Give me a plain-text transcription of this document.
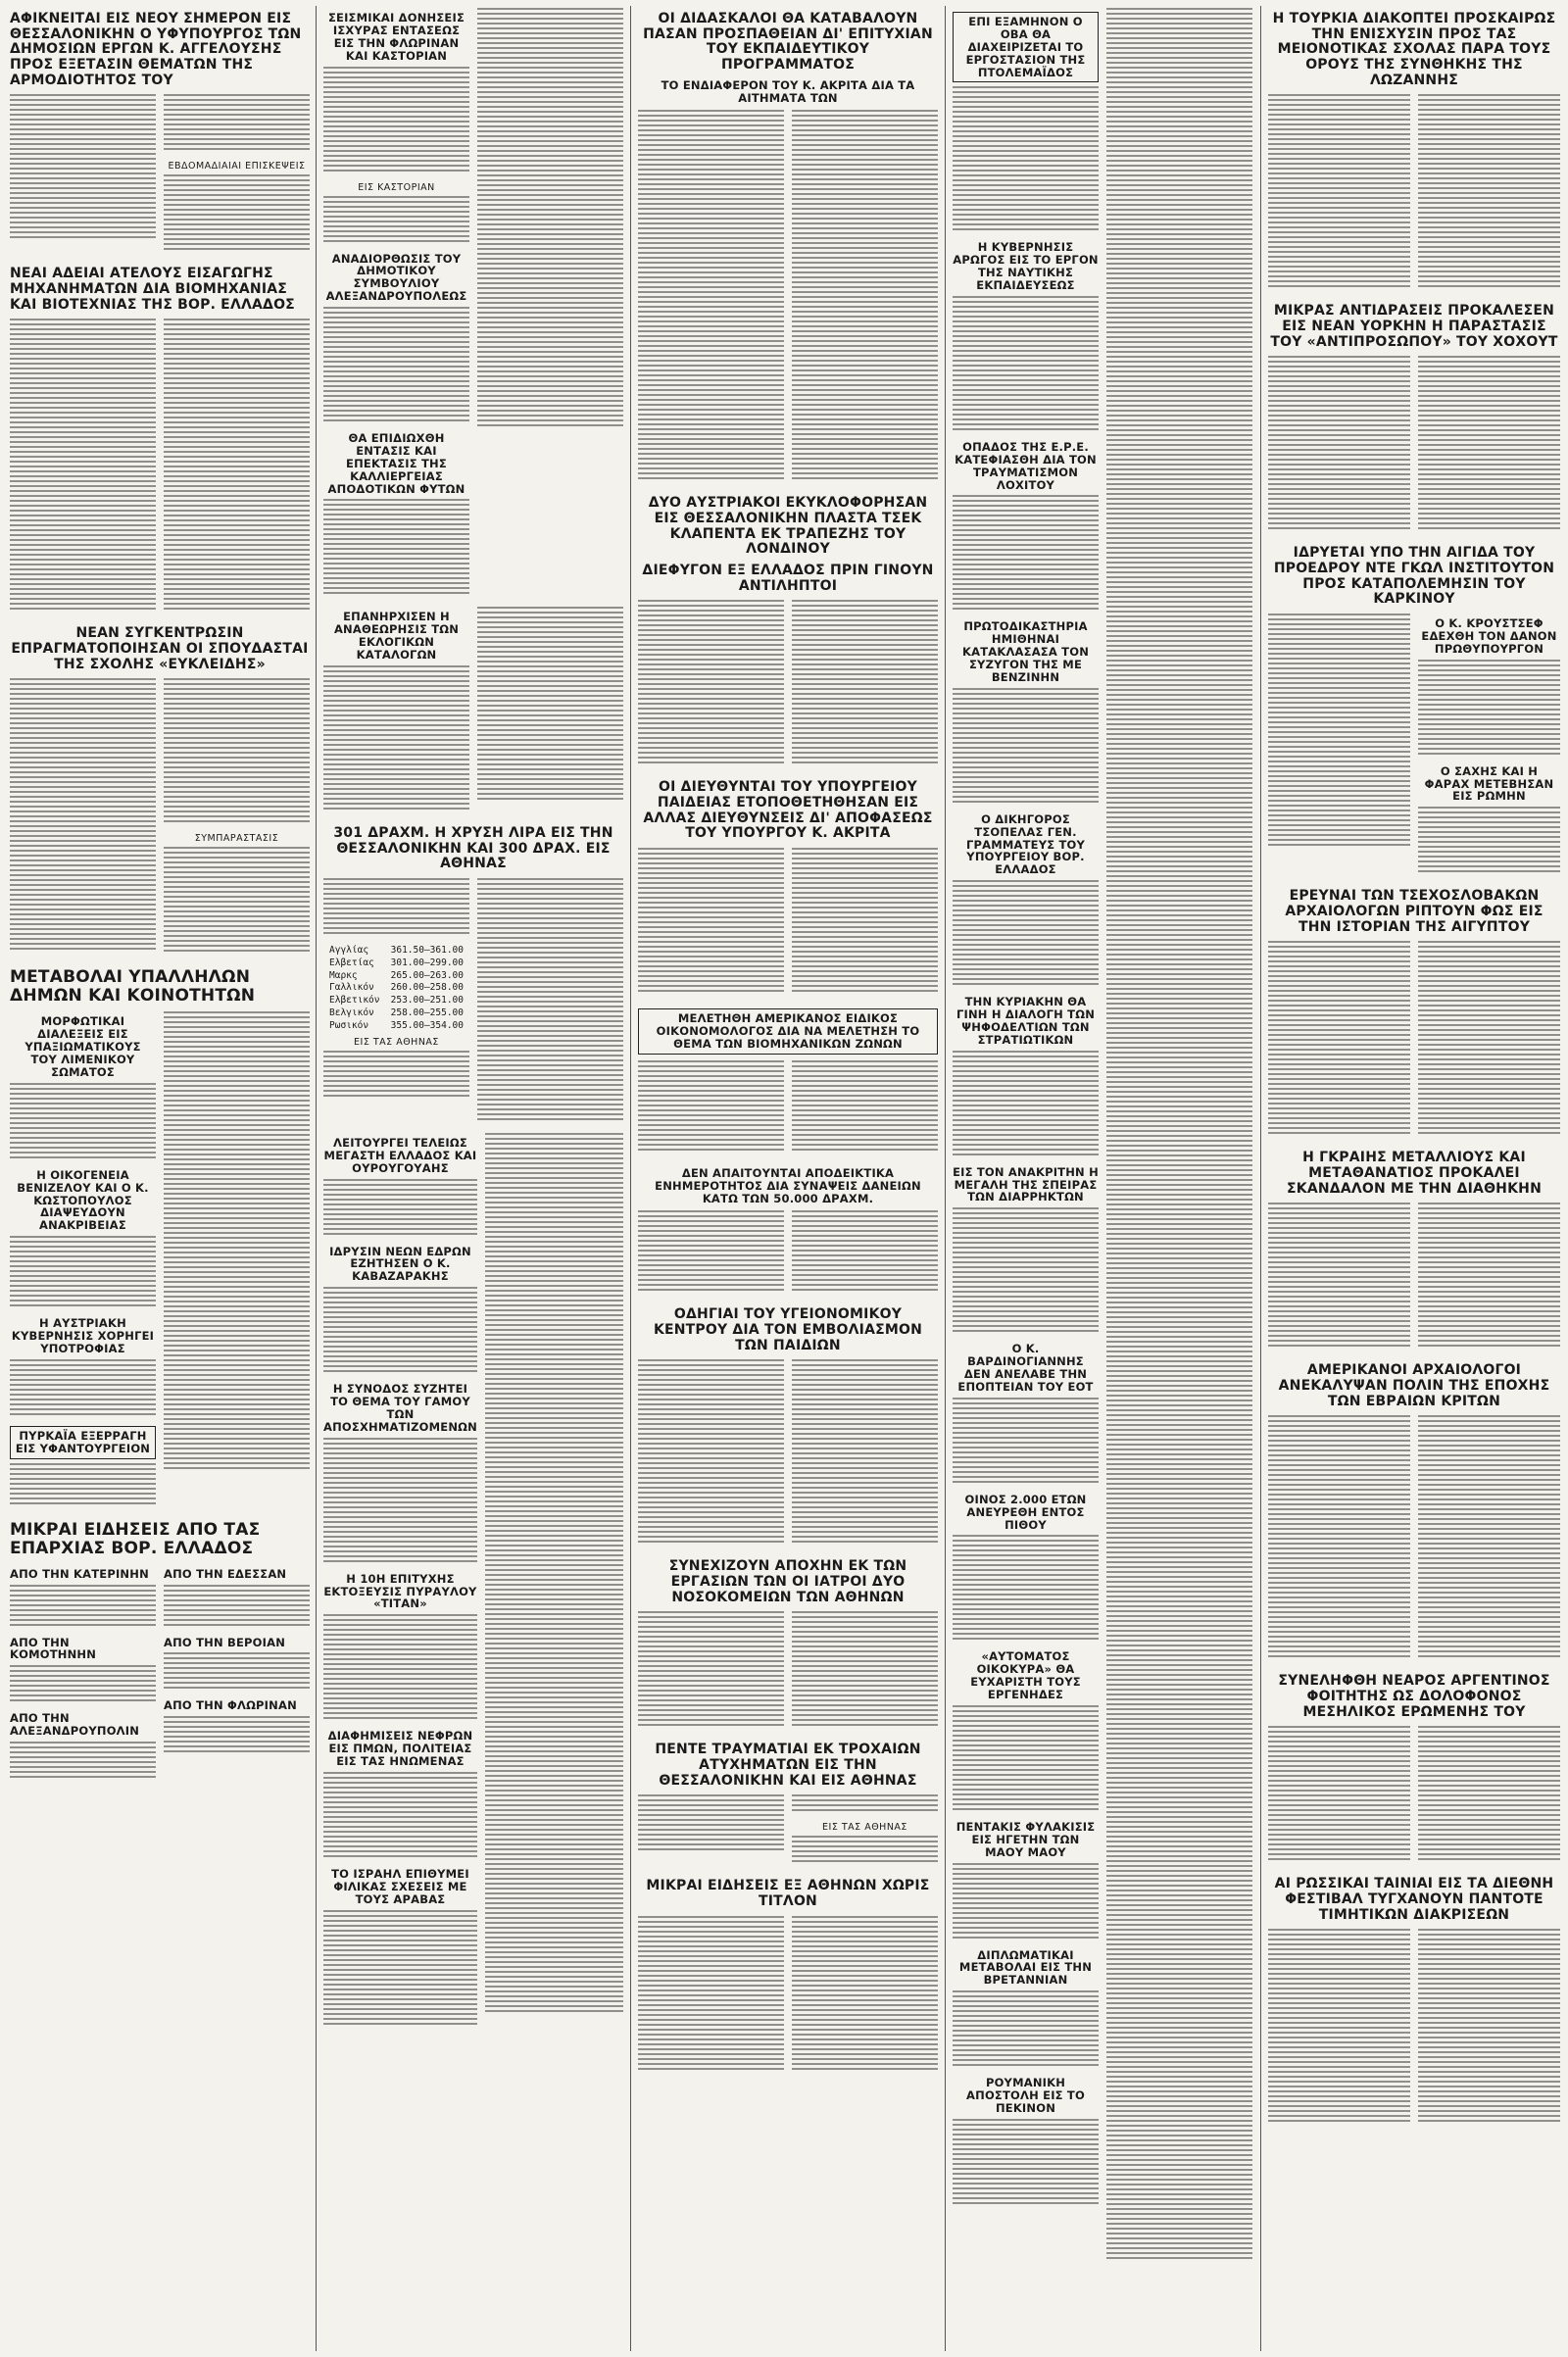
ΑΦΙΚΝΕΙΤΑΙ ΕΙΣ ΝΕΟΥ ΣΗΜΕΡΟΝ ΕΙΣ ΘΕΣΣΑΛΟΝΙΚΗΝ Ο ΥΦΥΠΟΥΡΓΟΣ ΤΩΝ ΔΗΜΟΣΙΩΝ ΕΡΓΩΝ Κ. ΑΓΓΕΛΟΥΣΗΣ ΠΡΟΣ ΕΞΕΤΑΣΙΝ ΘΕΜΑΤΩΝ ΤΗΣ ΑΡΜΟΔΙΟΤΗΤΟΣ ΤΟΥ
ΕΒΔΟΜΑΔΙΑΙΑΙ ΕΠΙΣΚΕΨΕΙΣ
ΝΕΑΙ ΑΔΕΙΑΙ ΑΤΕΛΟΥΣ ΕΙΣΑΓΩΓΗΣ ΜΗΧΑΝΗΜΑΤΩΝ ΔΙΑ ΒΙΟΜΗΧΑΝΙΑΣ ΚΑΙ ΒΙΟΤΕΧΝΙΑΣ ΤΗΣ ΒΟΡ. ΕΛΛΑΔΟΣ
ΝΕΑΝ ΣΥΓΚΕΝΤΡΩΣΙΝ ΕΠΡΑΓΜΑΤΟΠΟΙΗΣΑΝ ΟΙ ΣΠΟΥΔΑΣΤΑΙ ΤΗΣ ΣΧΟΛΗΣ «ΕΥΚΛΕΙΔΗΣ»
ΣΥΜΠΑΡΑΣΤΑΣΙΣ
ΜΕΤΑΒΟΛΑΙ ΥΠΑΛΛΗΛΩΝ ΔΗΜΩΝ ΚΑΙ ΚΟΙΝΟΤΗΤΩΝ
ΜΟΡΦΩΤΙΚΑΙ ΔΙΑΛΕΞΕΙΣ ΕΙΣ ΥΠΑΞΙΩΜΑΤΙΚΟΥΣ ΤΟΥ ΛΙΜΕΝΙΚΟΥ ΣΩΜΑΤΟΣ
Η ΟΙΚΟΓΕΝΕΙΑ ΒΕΝΙΖΕΛΟΥ ΚΑΙ Ο Κ. ΚΩΣΤΟΠΟΥΛΟΣ ΔΙΑΨΕΥΔΟΥΝ ΑΝΑΚΡΙΒΕΙΑΣ
Η ΑΥΣΤΡΙΑΚΗ ΚΥΒΕΡΝΗΣΙΣ ΧΟΡΗΓΕΙ ΥΠΟΤΡΟΦΙΑΣ
ΠΥΡΚΑΪΑ ΕΞΕΡΡΑΓΗ ΕΙΣ ΥΦΑΝΤΟΥΡΓΕΙΟΝ
ΜΙΚΡΑΙ ΕΙΔΗΣΕΙΣ ΑΠΟ ΤΑΣ ΕΠΑΡΧΙΑΣ ΒΟΡ. ΕΛΛΑΔΟΣ
ΑΠΟ ΤΗΝ ΚΑΤΕΡΙΝΗΝ
ΑΠΟ ΤΗΝ ΚΟΜΟΤΗΝΗΝ
ΑΠΟ ΤΗΝ ΑΛΕΞΑΝΔΡΟΥΠΟΛΙΝ
ΑΠΟ ΤΗΝ ΕΔΕΣΣΑΝ
ΑΠΟ ΤΗΝ ΒΕΡΟΙΑΝ
ΑΠΟ ΤΗΝ ΦΛΩΡΙΝΑΝ
ΣΕΙΣΜΙΚΑΙ ΔΟΝΗΣΕΙΣ ΙΣΧΥΡΑΣ ΕΝΤΑΣΕΩΣ ΕΙΣ ΤΗΝ ΦΛΩΡΙΝΑΝ ΚΑΙ ΚΑΣΤΟΡΙΑΝ
ΕΙΣ ΚΑΣΤΟΡΙΑΝ
ΑΝΑΔΙΟΡΘΩΣΙΣ ΤΟΥ ΔΗΜΟΤΙΚΟΥ ΣΥΜΒΟΥΛΙΟΥ ΑΛΕΞΑΝΔΡΟΥΠΟΛΕΩΣ
ΘΑ ΕΠΙΔΙΩΧΘΗ ΕΝΤΑΣΙΣ ΚΑΙ ΕΠΕΚΤΑΣΙΣ ΤΗΣ ΚΑΛΛΙΕΡΓΕΙΑΣ ΑΠΟΔΟΤΙΚΩΝ ΦΥΤΩΝ
ΕΠΑΝΗΡΧΙΣΕΝ Η ΑΝΑΘΕΩΡΗΣΙΣ ΤΩΝ ΕΚΛΟΓΙΚΩΝ ΚΑΤΑΛΟΓΩΝ
301 ΔΡΑΧΜ. Η ΧΡΥΣΗ ΛΙΡΑ ΕΙΣ ΤΗΝ ΘΕΣΣΑΛΟΝΙΚΗΝ ΚΑΙ 300 ΔΡΑΧ. ΕΙΣ ΑΘΗΝΑΣ
Αγγλίας 361.50—361.00
Ελβετίας 301.00—299.00
Μαρκς	265.00—263.00
Γαλλικόν 260.00—258.00
Ελβετικόν 253.00—251.00
Βελγικόν 258.00—255.00
Ρωσικόν 355.00—354.00
ΕΙΣ ΤΑΣ ΑΘΗΝΑΣ
ΛΕΙΤΟΥΡΓΕΙ ΤΕΛΕΙΩΣ ΜΕΓΑΣΤΗ ΕΛΛΑΔΟΣ ΚΑΙ ΟΥΡΟΥΓΟΥΑΗΣ
ΙΔΡΥΣΙΝ ΝΕΩΝ ΕΔΡΩΝ ΕΖΗΤΗΣΕΝ Ο Κ. ΚΑΒΑΖΑΡΑΚΗΣ
Η ΣΥΝΟΔΟΣ ΣΥΖΗΤΕΙ ΤΟ ΘΕΜΑ ΤΟΥ ΓΑΜΟΥ ΤΩΝ ΑΠΟΣΧΗΜΑΤΙΖΟΜΕΝΩΝ
Η 10Η ΕΠΙΤΥΧΗΣ ΕΚΤΟΞΕΥΣΙΣ ΠΥΡΑΥΛΟΥ «ΤΙΤΑΝ»
ΔΙΑΦΗΜΙΣΕΙΣ ΝΕΦΡΩΝ ΕΙΣ ΠΜΩΝ, ΠΟΛΙΤΕΙΑΣ ΕΙΣ ΤΑΣ ΗΝΩΜΕΝΑΣ
ΤΟ ΙΣΡΑΗΛ ΕΠΙΘΥΜΕΙ ΦΙΛΙΚΑΣ ΣΧΕΣΕΙΣ ΜΕ ΤΟΥΣ ΑΡΑΒΑΣ
ΟΙ ΔΙΔΑΣΚΑΛΟΙ ΘΑ ΚΑΤΑΒΑΛΟΥΝ ΠΑΣΑΝ ΠΡΟΣΠΑΘΕΙΑΝ ΔΙ' ΕΠΙΤΥΧΙΑΝ ΤΟΥ ΕΚΠΑΙΔΕΥΤΙΚΟΥ ΠΡΟΓΡΑΜΜΑΤΟΣ
ΤΟ ΕΝΔΙΑΦΕΡΟΝ ΤΟΥ Κ. ΑΚΡΙΤΑ ΔΙΑ ΤΑ ΑΙΤΗΜΑΤΑ ΤΩΝ
ΔΥΟ ΑΥΣΤΡΙΑΚΟΙ ΕΚΥΚΛΟΦΟΡΗΣΑΝ ΕΙΣ ΘΕΣΣΑΛΟΝΙΚΗΝ ΠΛΑΣΤΑ ΤΣΕΚ ΚΛΑΠΕΝΤΑ ΕΚ ΤΡΑΠΕΖΗΣ ΤΟΥ ΛΟΝΔΙΝΟΥ
ΔΙΕΦΥΓΟΝ ΕΞ ΕΛΛΑΔΟΣ ΠΡΙΝ ΓΙΝΟΥΝ ΑΝΤΙΛΗΠΤΟΙ
ΟΙ ΔΙΕΥΘΥΝΤΑΙ ΤΟΥ ΥΠΟΥΡΓΕΙΟΥ ΠΑΙΔΕΙΑΣ ΕΤΟΠΟΘΕΤΗΘΗΣΑΝ ΕΙΣ ΑΛΛΑΣ ΔΙΕΥΘΥΝΣΕΙΣ ΔΙ' ΑΠΟΦΑΣΕΩΣ ΤΟΥ ΥΠΟΥΡΓΟΥ Κ. ΑΚΡΙΤΑ
ΜΕΛΕΤΗΘΗ ΑΜΕΡΙΚΑΝΟΣ ΕΙΔΙΚΟΣ ΟΙΚΟΝΟΜΟΛΟΓΟΣ ΔΙΑ ΝΑ ΜΕΛΕΤΗΣΗ ΤΟ ΘΕΜΑ ΤΩΝ ΒΙΟΜΗΧΑΝΙΚΩΝ ΖΩΝΩΝ
ΔΕΝ ΑΠΑΙΤΟΥΝΤΑΙ ΑΠΟΔΕΙΚΤΙΚΑ ΕΝΗΜΕΡΟΤΗΤΟΣ ΔΙΑ ΣΥΝΑΨΕΙΣ ΔΑΝΕΙΩΝ ΚΑΤΩ ΤΩΝ 50.000 ΔΡΑΧΜ.
ΟΔΗΓΙΑΙ ΤΟΥ ΥΓΕΙΟΝΟΜΙΚΟΥ ΚΕΝΤΡΟΥ ΔΙΑ ΤΟΝ ΕΜΒΟΛΙΑΣΜΟΝ ΤΩΝ ΠΑΙΔΙΩΝ
ΣΥΝΕΧΙΖΟΥΝ ΑΠΟΧΗΝ ΕΚ ΤΩΝ ΕΡΓΑΣΙΩΝ ΤΩΝ ΟΙ ΙΑΤΡΟΙ ΔΥΟ ΝΟΣΟΚΟΜΕΙΩΝ ΤΩΝ ΑΘΗΝΩΝ
ΠΕΝΤΕ ΤΡΑΥΜΑΤΙΑΙ ΕΚ ΤΡΟΧΑΙΩΝ ΑΤΥΧΗΜΑΤΩΝ ΕΙΣ ΤΗΝ ΘΕΣΣΑΛΟΝΙΚΗΝ ΚΑΙ ΕΙΣ ΑΘΗΝΑΣ
ΕΙΣ ΤΑΣ ΑΘΗΝΑΣ
ΜΙΚΡΑΙ ΕΙΔΗΣΕΙΣ ΕΞ ΑΘΗΝΩΝ ΧΩΡΙΣ ΤΙΤΛΟΝ
ΕΠΙ ΕΞΑΜΗΝΟΝ Ο ΟΒΑ ΘΑ ΔΙΑΧΕΙΡΙΖΕΤΑΙ ΤΟ ΕΡΓΟΣΤΑΣΙΟΝ ΤΗΣ ΠΤΟΛΕΜΑΪΔΟΣ
Η ΚΥΒΕΡΝΗΣΙΣ ΑΡΩΓΟΣ ΕΙΣ ΤΟ ΕΡΓΟΝ ΤΗΣ ΝΑΥΤΙΚΗΣ ΕΚΠΑΙΔΕΥΣΕΩΣ
ΟΠΑΔΟΣ ΤΗΣ Ε.Ρ.Ε. ΚΑΤΕΦΙΑΣΘΗ ΔΙΑ ΤΟΝ ΤΡΑΥΜΑΤΙΣΜΟΝ ΛΟΧΙΤΟΥ
ΠΡΩΤΟΔΙΚΑΣΤΗΡΙΑ ΗΜΙΘΗΝΑΙ ΚΑΤΑΚΛΑΣΑΣΑ ΤΟΝ ΣΥΖΥΓΟΝ ΤΗΣ ΜΕ ΒΕΝΖΙΝΗΝ
Ο ΔΙΚΗΓΟΡΟΣ ΤΣΟΠΕΛΑΣ ΓΕΝ. ΓΡΑΜΜΑΤΕΥΣ ΤΟΥ ΥΠΟΥΡΓΕΙΟΥ ΒΟΡ. ΕΛΛΑΔΟΣ
ΤΗΝ ΚΥΡΙΑΚΗΝ ΘΑ ΓΙΝΗ Η ΔΙΑΛΟΓΗ ΤΩΝ ΨΗΦΟΔΕΛΤΙΩΝ ΤΩΝ ΣΤΡΑΤΙΩΤΙΚΩΝ
ΕΙΣ ΤΟΝ ΑΝΑΚΡΙΤΗΝ Η ΜΕΓΑΛΗ ΤΗΣ ΣΠΕΙΡΑΣ ΤΩΝ ΔΙΑΡΡΗΚΤΩΝ
Ο Κ. ΒΑΡΔΙΝΟΓΙΑΝΝΗΣ ΔΕΝ ΑΝΕΛΑΒΕ ΤΗΝ ΕΠΟΠΤΕΙΑΝ ΤΟΥ ΕΟΤ
ΟΙΝΟΣ 2.000 ΕΤΩΝ ΑΝΕΥΡΕΘΗ ΕΝΤΟΣ ΠΙΘΟΥ
«ΑΥΤΟΜΑΤΟΣ ΟΙΚΟΚΥΡΑ» ΘΑ ΕΥΧΑΡΙΣΤΗ ΤΟΥΣ ΕΡΓΕΝΗΔΕΣ
ΠΕΝΤΑΚΙΣ ΦΥΛΑΚΙΣΙΣ ΕΙΣ ΗΓΕΤΗΝ ΤΩΝ ΜΑΟΥ ΜΑΟΥ
ΔΙΠΛΩΜΑΤΙΚΑΙ ΜΕΤΑΒΟΛΑΙ ΕΙΣ ΤΗΝ ΒΡΕΤΑΝΝΙΑΝ
ΡΟΥΜΑΝΙΚΗ ΑΠΟΣΤΟΛΗ ΕΙΣ ΤΟ ΠΕΚΙΝΟΝ
Η ΤΟΥΡΚΙΑ ΔΙΑΚΟΠΤΕΙ ΠΡΟΣΚΑΙΡΩΣ ΤΗΝ ΕΝΙΣΧΥΣΙΝ ΠΡΟΣ ΤΑΣ ΜΕΙΟΝΟΤΙΚΑΣ ΣΧΟΛΑΣ ΠΑΡΑ ΤΟΥΣ ΟΡΟΥΣ ΤΗΣ ΣΥΝΘΗΚΗΣ ΤΗΣ ΛΩΖΑΝΝΗΣ
ΜΙΚΡΑΣ ΑΝΤΙΔΡΑΣΕΙΣ ΠΡΟΚΑΛΕΣΕΝ ΕΙΣ ΝΕΑΝ ΥΟΡΚΗΝ Η ΠΑΡΑΣΤΑΣΙΣ ΤΟΥ «ΑΝΤΙΠΡΟΣΩΠΟΥ» ΤΟΥ ΧΟΧΟΥΤ
ΙΔΡΥΕΤΑΙ ΥΠΟ ΤΗΝ ΑΙΓΙΔΑ ΤΟΥ ΠΡΟΕΔΡΟΥ ΝΤΕ ΓΚΩΛ ΙΝΣΤΙΤΟΥΤΟΝ ΠΡΟΣ ΚΑΤΑΠΟΛΕΜΗΣΙΝ ΤΟΥ ΚΑΡΚΙΝΟΥ
Ο Κ. ΚΡΟΥΣΤΣΕΦ ΕΔΕΧΘΗ ΤΟΝ ΔΑΝΟΝ ΠΡΩΘΥΠΟΥΡΓΟΝ
Ο ΣΑΧΗΣ ΚΑΙ Η ΦΑΡΑΧ ΜΕΤΕΒΗΣΑΝ ΕΙΣ ΡΩΜΗΝ
ΕΡΕΥΝΑΙ ΤΩΝ ΤΣΕΧΟΣΛΟΒΑΚΩΝ ΑΡΧΑΙΟΛΟΓΩΝ ΡΙΠΤΟΥΝ ΦΩΣ ΕΙΣ ΤΗΝ ΙΣΤΟΡΙΑΝ ΤΗΣ ΑΙΓΥΠΤΟΥ
Η ΓΚΡΑΙΗΣ ΜΕΤΑΛΛΙΟΥΣ ΚΑΙ ΜΕΤΑΘΑΝΑΤΙΟΣ ΠΡΟΚΑΛΕΙ ΣΚΑΝΔΑΛΟΝ ΜΕ ΤΗΝ ΔΙΑΘΗΚΗΝ
ΑΜΕΡΙΚΑΝΟΙ ΑΡΧΑΙΟΛΟΓΟΙ ΑΝΕΚΑΛΥΨΑΝ ΠΟΛΙΝ ΤΗΣ ΕΠΟΧΗΣ ΤΩΝ ΕΒΡΑΙΩΝ ΚΡΙΤΩΝ
ΣΥΝΕΛΗΦΘΗ ΝΕΑΡΟΣ ΑΡΓΕΝΤΙΝΟΣ ΦΟΙΤΗΤΗΣ ΩΣ ΔΟΛΟΦΟΝΟΣ ΜΕΣΗΛΙΚΟΣ ΕΡΩΜΕΝΗΣ ΤΟΥ
ΑΙ ΡΩΣΣΙΚΑΙ ΤΑΙΝΙΑΙ ΕΙΣ ΤΑ ΔΙΕΘΝΗ ΦΕΣΤΙΒΑΛ ΤΥΓΧΑΝΟΥΝ ΠΑΝΤΟΤΕ ΤΙΜΗΤΙΚΩΝ ΔΙΑΚΡΙΣΕΩΝ
